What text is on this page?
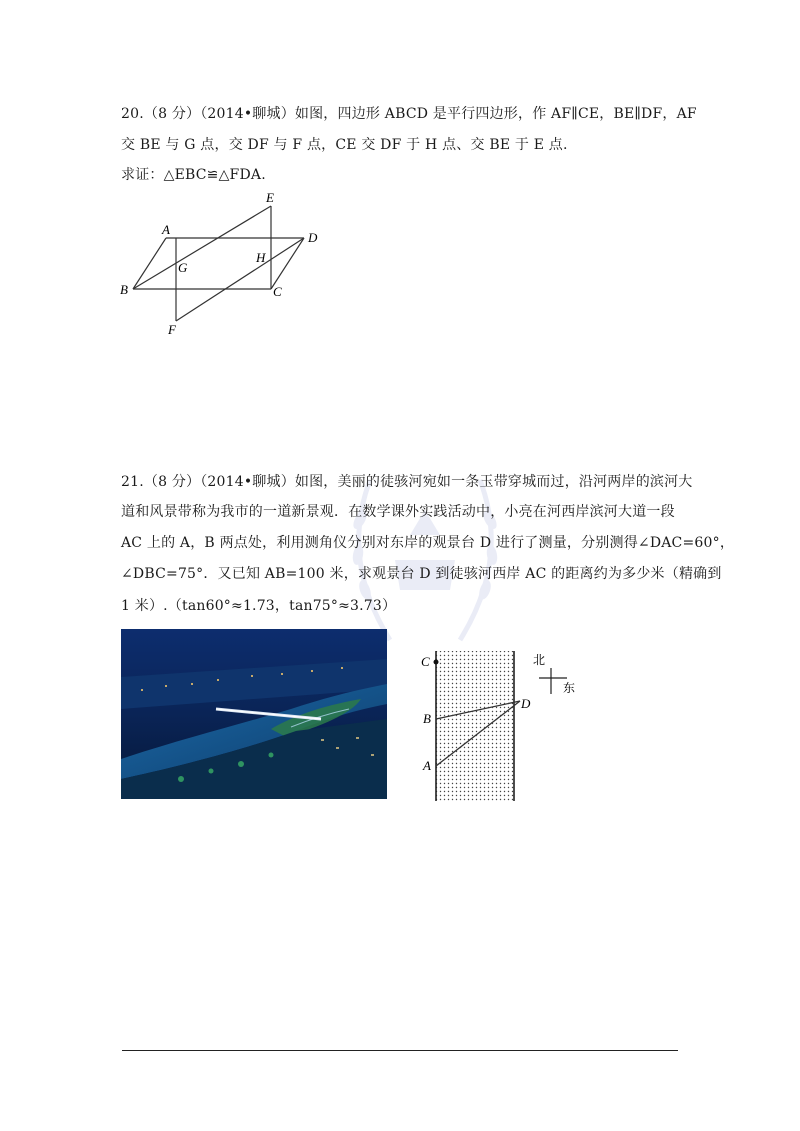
20.（8 分）（2014•聊城）如图，四边形 ABCD 是平行四边形，作 AF∥CE，BE∥DF，AF
交 BE 与 G 点，交 DF 与 F 点，CE 交 DF 于 H 点、交 BE 于 E 点.
求证：△EBC≌△FDA.
A
B	C
D
E
F
G
H
21.（8 分）（2014•聊城）如图，美丽的徒骇河宛如一条玉带穿城而过，沿河两岸的滨河大
道和风景带称为我市的一道新景观．在数学课外实践活动中，小亮在河西岸滨河大道一段
AC 上的 A，B 两点处，利用测角仪分别对东岸的观景台 D 进行了测量，分别测得∠DAC=60°，
∠DBC=75°．又已知 AB=100 米，求观景台 D 到徒骇河西岸 AC 的距离约为多少米（精确到
1 米）.（tan60°≈1.73，tan75°≈3.73）
C
B
A
D
北
东
